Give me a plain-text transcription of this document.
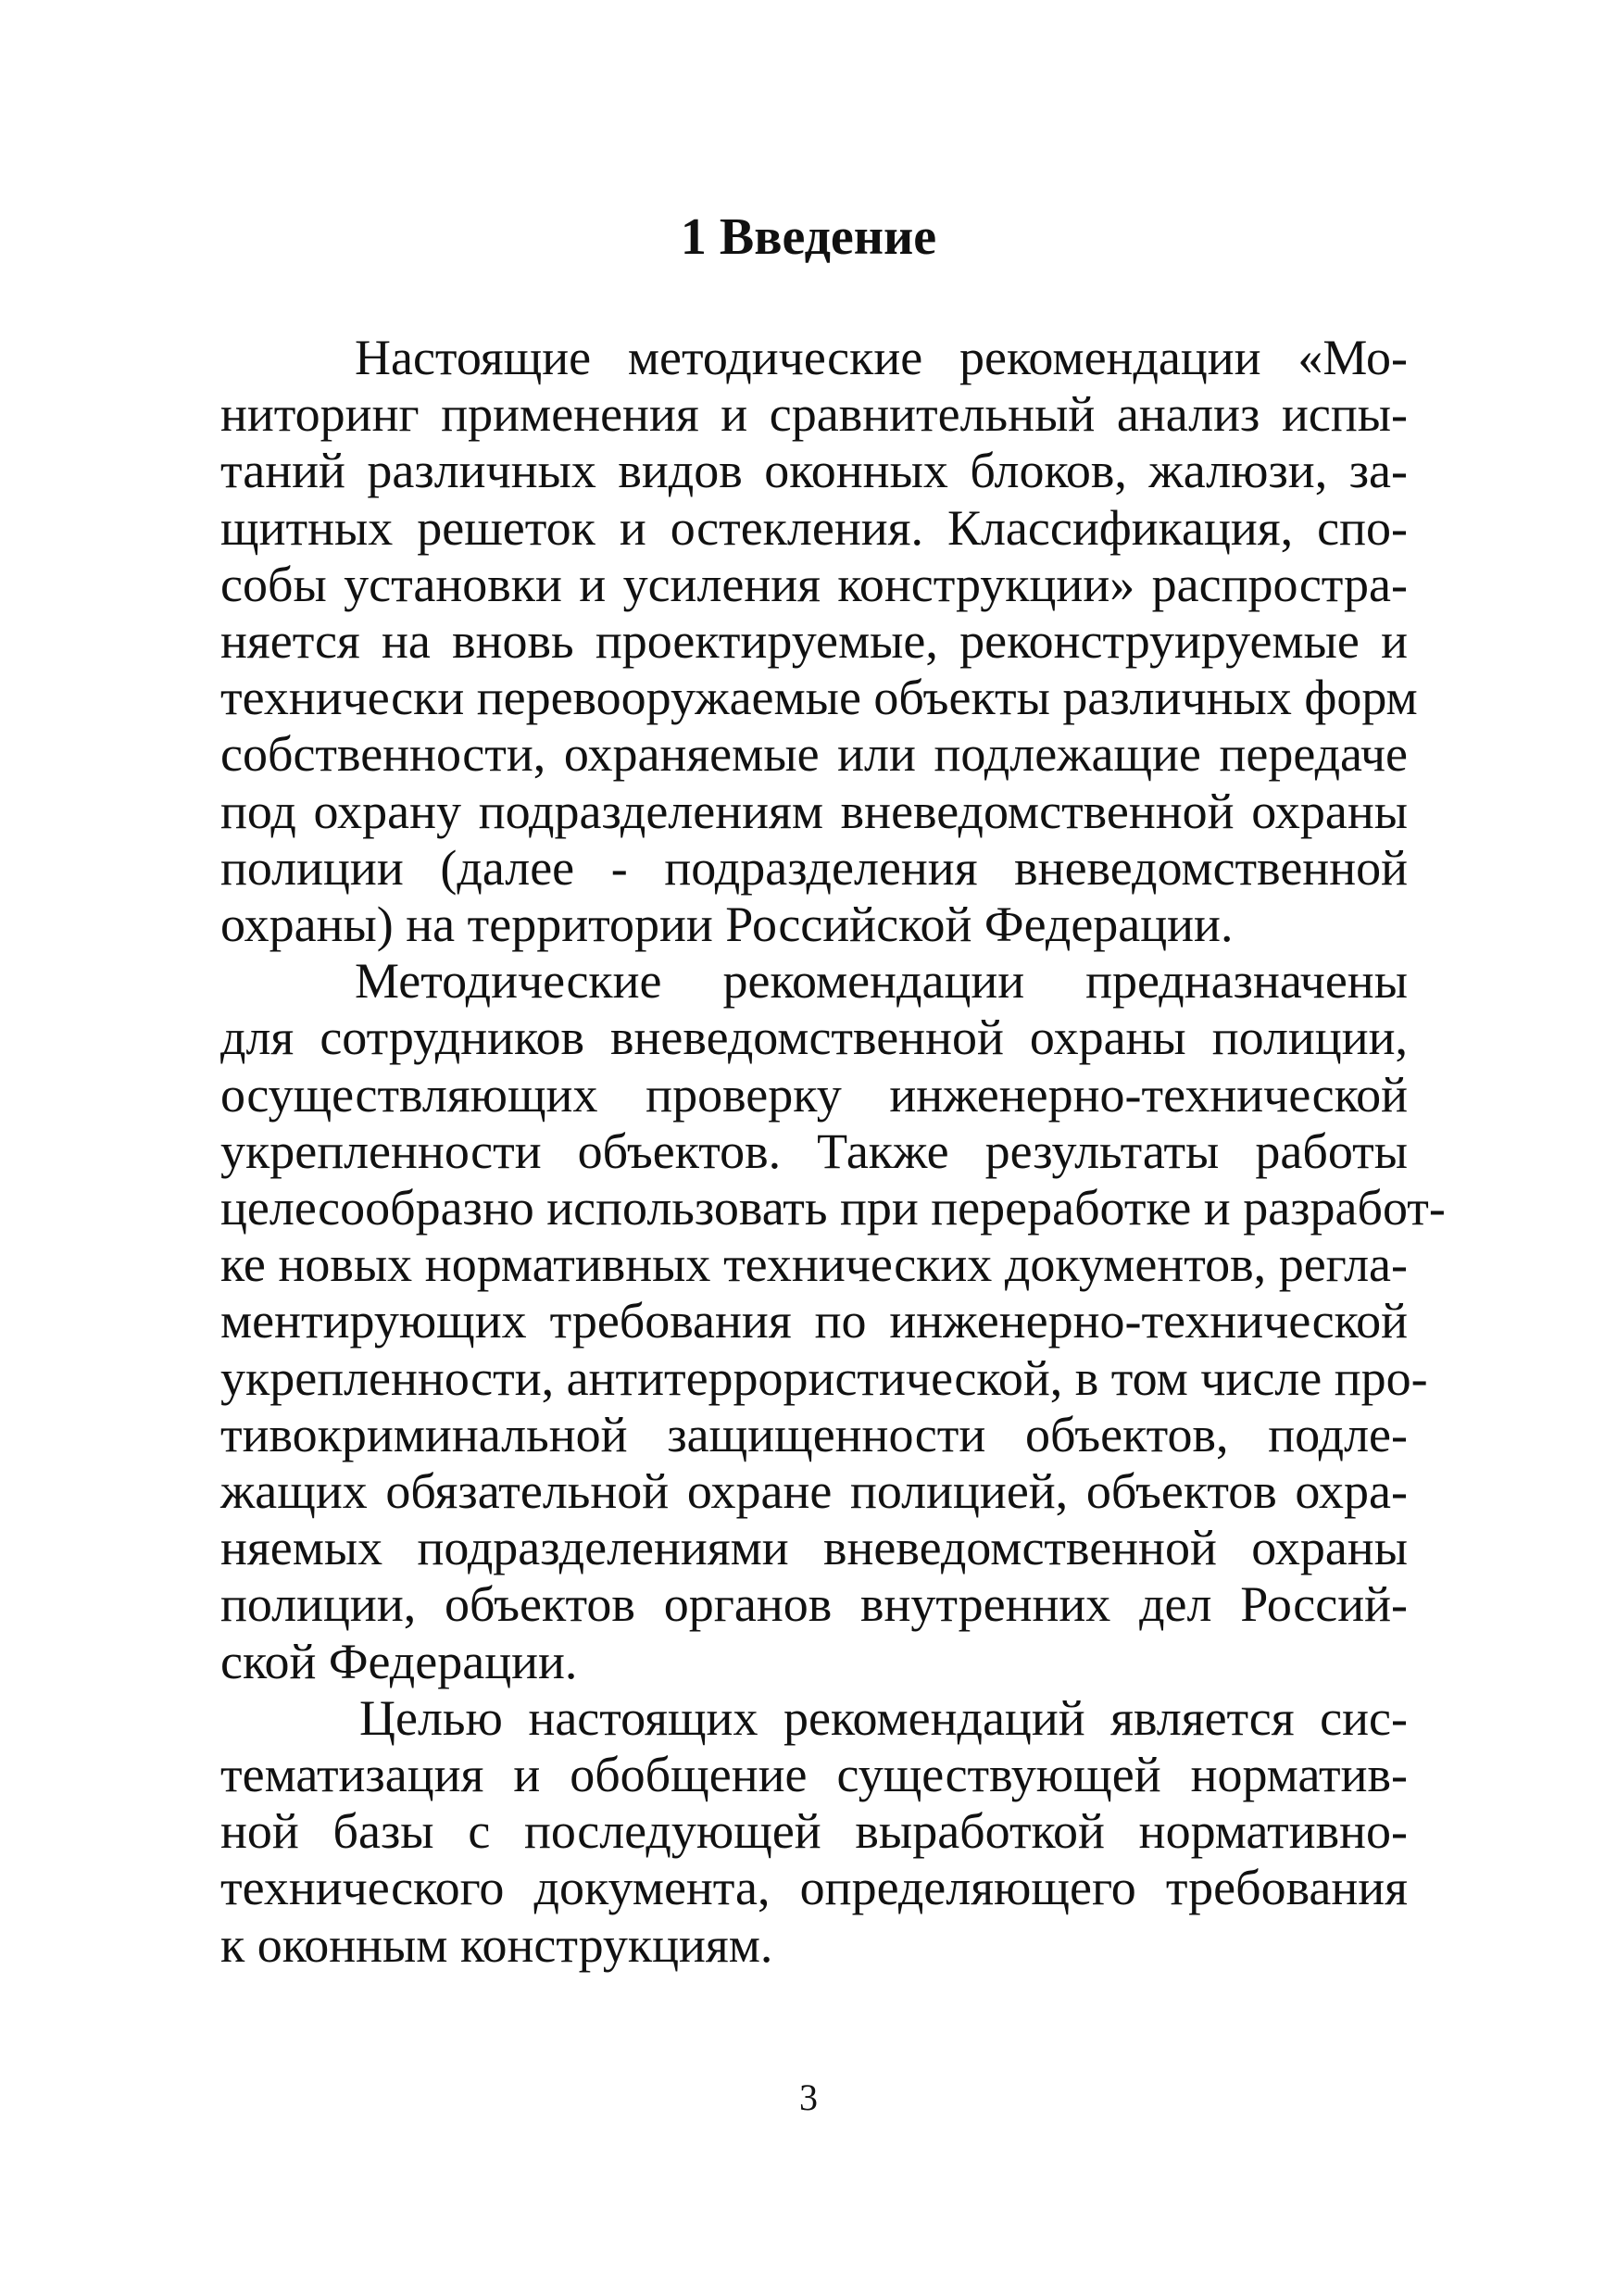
1 Введение

Настоящие методические рекомендации «Мо-
ниторинг применения и сравнительный анализ испы-
таний различных видов оконных блоков, жалюзи, за-
щитных решеток и остекления. Классификация, спо-
собы установки и усиления конструкции» распростра-
няется на вновь проектируемые, реконструируемые и
технически перевооружаемые объекты различных форм
собственности, охраняемые или подлежащие передаче
под охрану подразделениям вневедомственной охраны
полиции (далее - подразделения вневедомственной
охраны) на территории Российской Федерации.

Методические рекомендации предназначены
для сотрудников вневедомственной охраны полиции,
осуществляющих проверку инженерно-технической
укрепленности объектов. Также результаты работы
целесообразно использовать при переработке и разработ-
ке новых нормативных технических документов, регла-
ментирующих требования по инженерно-технической
укрепленности, антитеррористической, в том числе про-
тивокриминальной защищенности объектов, подле-
жащих обязательной охране полицией, объектов охра-
няемых подразделениями вневедомственной охраны
полиции, объектов органов внутренних дел Россий-
ской Федерации.

Целью настоящих рекомендаций является сис-
тематизация и обобщение существующей норматив-
ной базы с последующей выработкой нормативно-
технического документа, определяющего требования
к оконным конструкциям.

3
